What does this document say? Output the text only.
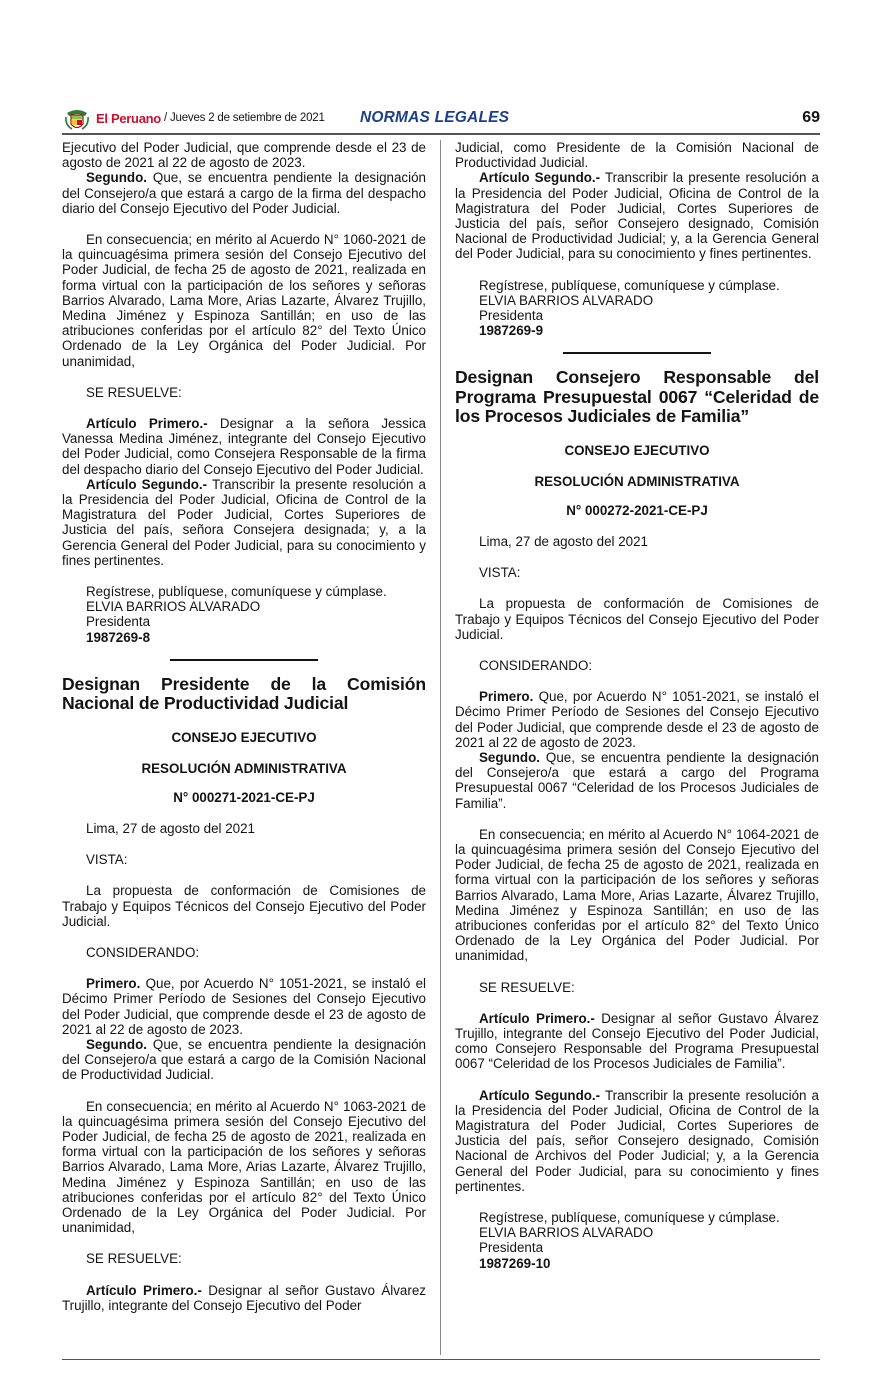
El Peruano / Jueves 2 de setiembre de 2021 NORMAS LEGALES	69

Ejecutivo del Poder Judicial, que comprende desde el 23 de agosto de 2021 al 22 de agosto de 2023.

Segundo. Que, se encuentra pendiente la designación del Consejero/a que estará a cargo de la firma del despacho diario del Consejo Ejecutivo del Poder Judicial.

En consecuencia; en mérito al Acuerdo N° 1060-2021 de la quincuagésima primera sesión del Consejo Ejecutivo del Poder Judicial, de fecha 25 de agosto de 2021, realizada en forma virtual con la participación de los señores y señoras Barrios Alvarado, Lama More, Arias Lazarte, Álvarez Trujillo, Medina Jiménez y Espinoza Santillán; en uso de las atribuciones conferidas por el artículo 82° del Texto Único Ordenado de la Ley Orgánica del Poder Judicial. Por unanimidad,

SE RESUELVE:

Artículo Primero.- Designar a la señora Jessica Vanessa Medina Jiménez, integrante del Consejo Ejecutivo del Poder Judicial, como Consejera Responsable de la firma del despacho diario del Consejo Ejecutivo del Poder Judicial.

Artículo Segundo.- Transcribir la presente resolución a la Presidencia del Poder Judicial, Oficina de Control de la Magistratura del Poder Judicial, Cortes Superiores de Justicia del país, señora Consejera designada; y, a la Gerencia General del Poder Judicial, para su conocimiento y fines pertinentes.

Regístrese, publíquese, comuníquese y cúmplase.

ELVIA BARRIOS ALVARADO

Presidenta

1987269-8

Designan Presidente de la Comisión Nacional de Productividad Judicial

CONSEJO EJECUTIVO

RESOLUCIÓN ADMINISTRATIVA

N° 000271-2021-CE-PJ

Lima, 27 de agosto del 2021

VISTA:

La propuesta de conformación de Comisiones de Trabajo y Equipos Técnicos del Consejo Ejecutivo del Poder Judicial.

CONSIDERANDO:

Primero. Que, por Acuerdo N° 1051-2021, se instaló el Décimo Primer Período de Sesiones del Consejo Ejecutivo del Poder Judicial, que comprende desde el 23 de agosto de 2021 al 22 de agosto de 2023.

Segundo. Que, se encuentra pendiente la designación del Consejero/a que estará a cargo de la Comisión Nacional de Productividad Judicial.

En consecuencia; en mérito al Acuerdo N° 1063-2021 de la quincuagésima primera sesión del Consejo Ejecutivo del Poder Judicial, de fecha 25 de agosto de 2021, realizada en forma virtual con la participación de los señores y señoras Barrios Alvarado, Lama More, Arias Lazarte, Álvarez Trujillo, Medina Jiménez y Espinoza Santillán; en uso de las atribuciones conferidas por el artículo 82° del Texto Único Ordenado de la Ley Orgánica del Poder Judicial. Por unanimidad,

SE RESUELVE:

Artículo Primero.- Designar al señor Gustavo Álvarez Trujillo, integrante del Consejo Ejecutivo del Poder

Judicial, como Presidente de la Comisión Nacional de Productividad Judicial.

Artículo Segundo.- Transcribir la presente resolución a la Presidencia del Poder Judicial, Oficina de Control de la Magistratura del Poder Judicial, Cortes Superiores de Justicia del país, señor Consejero designado, Comisión Nacional de Productividad Judicial; y, a la Gerencia General del Poder Judicial, para su conocimiento y fines pertinentes.

Regístrese, publíquese, comuníquese y cúmplase.

ELVIA BARRIOS ALVARADO

Presidenta

1987269-9

Designan Consejero Responsable del Programa Presupuestal 0067 “Celeridad de los Procesos Judiciales de Familia”

CONSEJO EJECUTIVO

RESOLUCIÓN ADMINISTRATIVA

N° 000272-2021-CE-PJ

Lima, 27 de agosto del 2021

VISTA:

La propuesta de conformación de Comisiones de Trabajo y Equipos Técnicos del Consejo Ejecutivo del Poder Judicial.

CONSIDERANDO:

Primero. Que, por Acuerdo N° 1051-2021, se instaló el Décimo Primer Período de Sesiones del Consejo Ejecutivo del Poder Judicial, que comprende desde el 23 de agosto de 2021 al 22 de agosto de 2023.

Segundo. Que, se encuentra pendiente la designación del Consejero/a que estará a cargo del Programa Presupuestal 0067 “Celeridad de los Procesos Judiciales de Familia”.

En consecuencia; en mérito al Acuerdo N° 1064-2021 de la quincuagésima primera sesión del Consejo Ejecutivo del Poder Judicial, de fecha 25 de agosto de 2021, realizada en forma virtual con la participación de los señores y señoras Barrios Alvarado, Lama More, Arias Lazarte, Álvarez Trujillo, Medina Jiménez y Espinoza Santillán; en uso de las atribuciones conferidas por el artículo 82° del Texto Único Ordenado de la Ley Orgánica del Poder Judicial. Por unanimidad,

SE RESUELVE:

Artículo Primero.- Designar al señor Gustavo Álvarez Trujillo, integrante del Consejo Ejecutivo del Poder Judicial, como Consejero Responsable del Programa Presupuestal 0067 “Celeridad de los Procesos Judiciales de Familia”.

Artículo Segundo.- Transcribir la presente resolución a la Presidencia del Poder Judicial, Oficina de Control de la Magistratura del Poder Judicial, Cortes Superiores de Justicia del país, señor Consejero designado, Comisión Nacional de Archivos del Poder Judicial; y, a la Gerencia General del Poder Judicial, para su conocimiento y fines pertinentes.

Regístrese, publíquese, comuníquese y cúmplase.

ELVIA BARRIOS ALVARADO

Presidenta

1987269-10
